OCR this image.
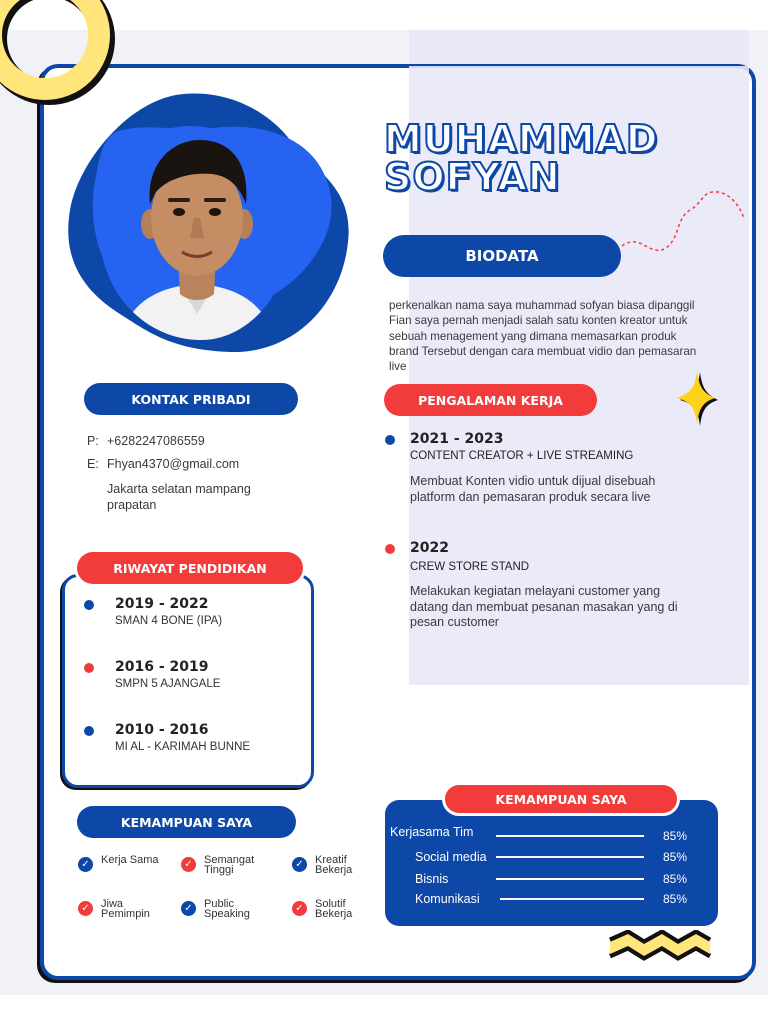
MUHAMMAD
SOFYAN
BIODATA
perkenalkan nama saya muhammad sofyan biasa dipanggil Fian saya pernah menjadi salah satu konten kreator untuk sebuah menagement yang dimana memasarkan produk brand Tersebut dengan cara membuat vidio dan pemasaran live
KONTAK PRIBADI
P: +6282247086559
E: Fhyan4370@gmail.com
Jakarta selatan mampang prapatan
PENGALAMAN KERJA
2021 - 2023
CONTENT CREATOR + LIVE STREAMING
Membuat Konten vidio untuk dijual disebuah platform dan pemasaran produk secara live
2022
CREW STORE STAND
Melakukan kegiatan melayani customer yang datang dan membuat pesanan masakan yang di pesan customer
RIWAYAT PENDIDIKAN
2019 - 2022
SMAN 4 BONE (IPA)
2016 - 2019
SMPN 5 AJANGALE
2010 - 2016
MI AL - KARIMAH BUNNE
KEMAMPUAN SAYA
✓	Kerja Sama	✓	Semangat Tinggi	✓	Kreatif Bekerja
✓	Jiwa Pemimpin	✓	Public Speaking	✓	Solutif Bekerja
KEMAMPUAN SAYA
Kerjasama Tim	85%
Social media	85%
Bisnis	85%
Komunikasi	85%
